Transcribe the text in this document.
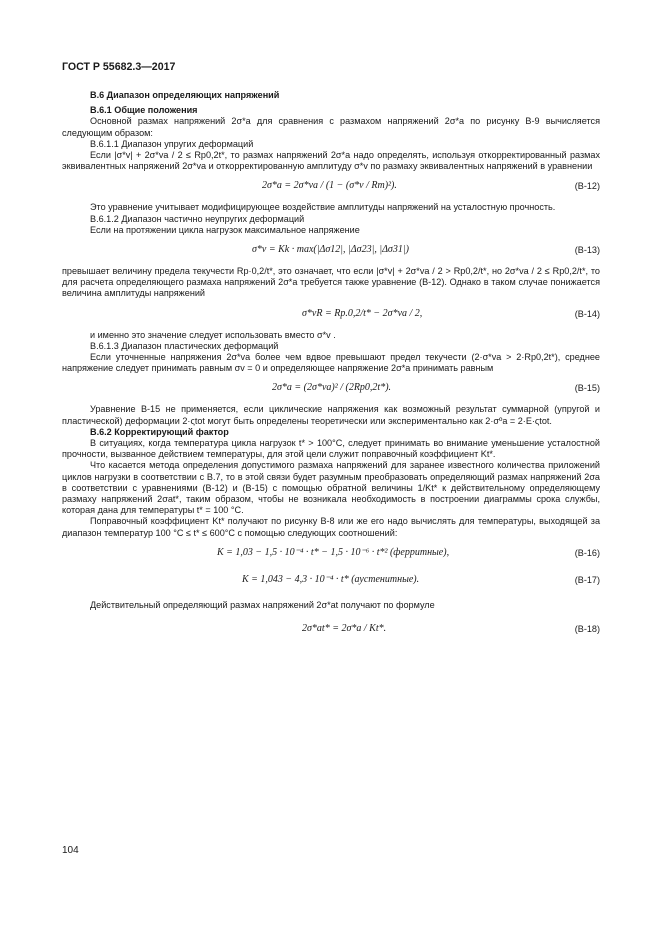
ГОСТ Р 55682.3—2017

В.6 Диапазон определяющих напряжений

В.6.1 Общие положения

Основной размах напряжений 2σ*a для сравнения с размахом напряжений 2σ*a по рисунку В-9 вычисляется следующим образом:

В.6.1.1 Диапазон упругих деформаций

Если |σ*v| + 2σ*va / 2 ≤ Rp0,2t*, то размах напряжений 2σ*a надо определять, используя откорректированный размах эквивалентных напряжений 2σ*va и откорректированную амплитуду σ*v по размаху эквивалентных напряжений в уравнении

2σ*a = 2σ*va / (1 − (σ*v / Rm)²).	(В-12)

Это уравнение учитывает модифицирующее воздействие амплитуды напряжений на усталостную прочность.

В.6.1.2 Диапазон частично неупругих деформаций

Если на протяжении цикла нагрузок максимальное напряжение

σ*v = Kk · max(|Δσ12|, |Δσ23|, |Δσ31|)	(В-13)

превышает величину предела текучести Rp·0,2/t*, это означает, что если |σ*v| + 2σ*va / 2 > Rp0,2/t*, но 2σ*va / 2 ≤ Rp0,2/t*, то для расчета определяющего размаха напряжений 2σ*a требуется также уравнение (В-12). Однако в таком случае понижается величина амплитуды напряжений

σ*vR = Rp.0,2/t* − 2σ*va / 2,	(В-14)

и именно это значение следует использовать вместо σ*v .

В.6.1.3 Диапазон пластических деформаций

Если уточненные напряжения 2σ*va более чем вдвое превышают предел текучести (2·σ*va > 2·Rp0,2t*), среднее напряжение следует принимать равным σv = 0 и определяющее напряжение 2σ*a принимать равным

2σ*a = (2σ*va)² / (2Rp0,2t*).	(В-15)

Уравнение В-15 не применяется, если циклические напряжения как возможный результат суммарной (упругой и пластической) деформации 2·ςtot могут быть определены теоретически или экспериментально как 2·σºa = 2·E·ςtot.

В.6.2 Корректирующий фактор

В ситуациях, когда температура цикла нагрузок t* > 100°С, следует принимать во внимание уменьшение усталостной прочности, вызванное действием температуры, для этой цели служит поправочный коэффициент Kt*.

Что касается метода определения допустимого размаха напряжений для заранее известного количества приложений циклов нагрузки в соответствии с В.7, то в этой связи будет разумным преобразовать определяющий размах напряжений 2σa в соответствии с уравнениями (В-12) и (В-15) с помощью обратной величины 1/Kt* к действительному определяющему размаху напряжений 2σat*, таким образом, чтобы не возникала необходимость в построении диаграммы срока службы, которая дана для температуры t* = 100 °С.

Поправочный коэффициент Kt* получают по рисунку В-8 или же его надо вычислять для температуры, выходящей за диапазон температур 100 °С ≤ t* ≤ 600°С с помощью следующих соотношений:

K = 1,03 − 1,5 · 10⁻⁴ · t* − 1,5 · 10⁻⁶ · t*² (ферритные),	(В-16)
K = 1,043 − 4,3 · 10⁻⁴ · t* (аустенитные).	(В-17)

Действительный определяющий размах напряжений 2σ*at получают по формуле

2σ*at* = 2σ*a / Kt*.	(В-18)
104
